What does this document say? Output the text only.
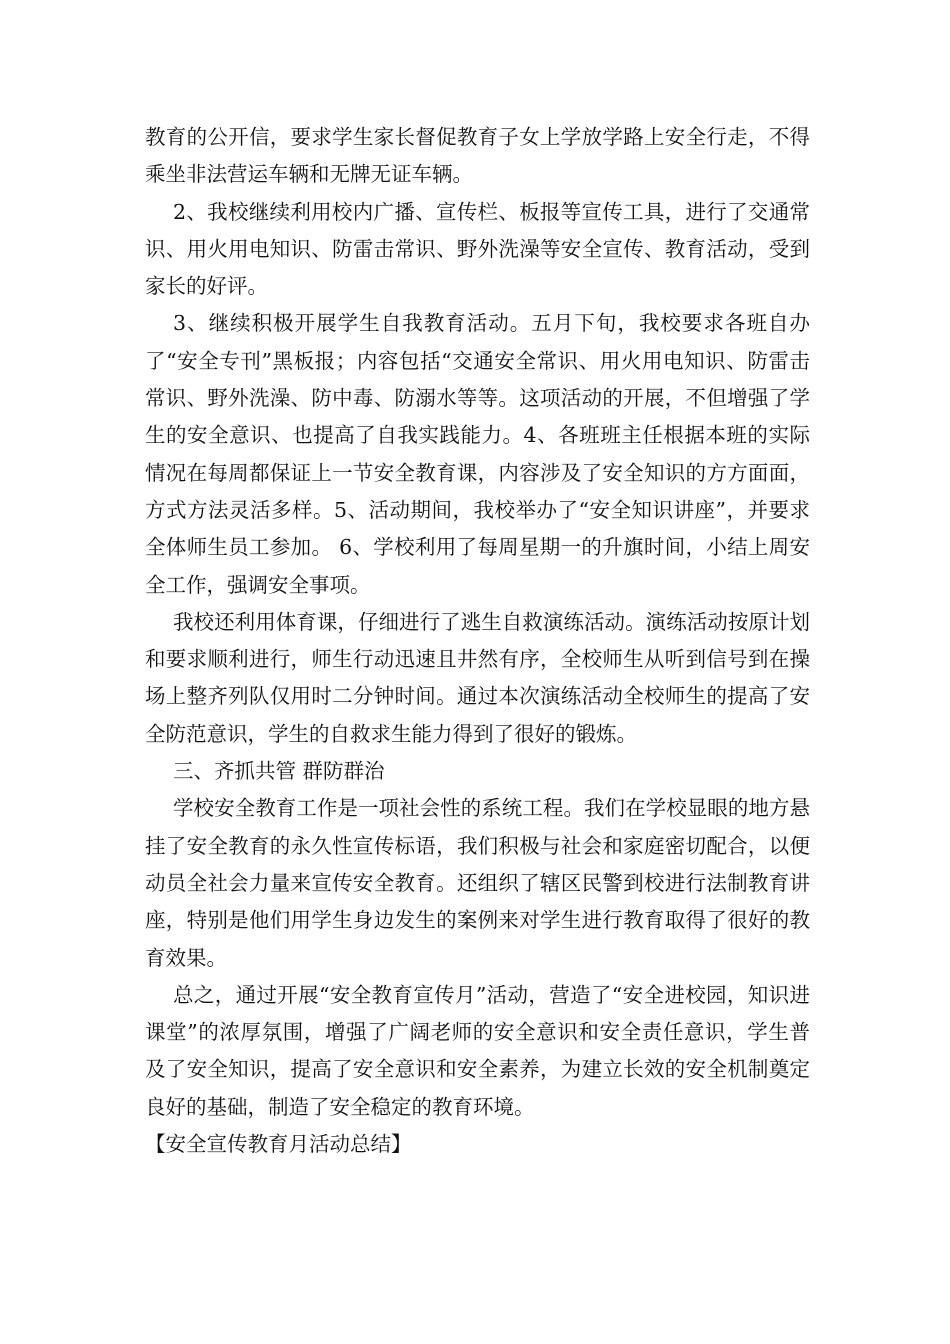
教育的公开信，要求学生家长督促教育子女上学放学路上安全行走，不得乘坐非法营运车辆和无牌无证车辆。

2、我校继续利用校内广播、宣传栏、板报等宣传工具，进行了交通常识、用火用电知识、防雷击常识、野外洗澡等安全宣传、教育活动，受到家长的好评。

3、继续积极开展学生自我教育活动。五月下旬，我校要求各班自办了“安全专刊”黑板报；内容包括“交通安全常识、用火用电知识、防雷击常识、野外洗澡、防中毒、防溺水等等。这项活动的开展，不但增强了学生的安全意识、也提高了自我实践能力。4、各班班主任根据本班的实际情况在每周都保证上一节安全教育课，内容涉及了安全知识的方方面面，方式方法灵活多样。5、活动期间，我校举办了“安全知识讲座”，并要求全体师生员工参加。 6、学校利用了每周星期一的升旗时间，小结上周安全工作，强调安全事项。

我校还利用体育课，仔细进行了逃生自救演练活动。演练活动按原计划和要求顺利进行，师生行动迅速且井然有序，全校师生从听到信号到在操场上整齐列队仅用时二分钟时间。通过本次演练活动全校师生的提高了安全防范意识，学生的自救求生能力得到了很好的锻炼。

三、齐抓共管 群防群治

学校安全教育工作是一项社会性的系统工程。我们在学校显眼的地方悬挂了安全教育的永久性宣传标语，我们积极与社会和家庭密切配合，以便动员全社会力量来宣传安全教育。还组织了辖区民警到校进行法制教育讲座，特别是他们用学生身边发生的案例来对学生进行教育取得了很好的教育效果。

总之，通过开展“安全教育宣传月”活动，营造了“安全进校园，知识进课堂”的浓厚氛围，增强了广阔老师的安全意识和安全责任意识，学生普及了安全知识，提高了安全意识和安全素养，为建立长效的安全机制奠定良好的基础，制造了安全稳定的教育环境。

【安全宣传教育月活动总结】
